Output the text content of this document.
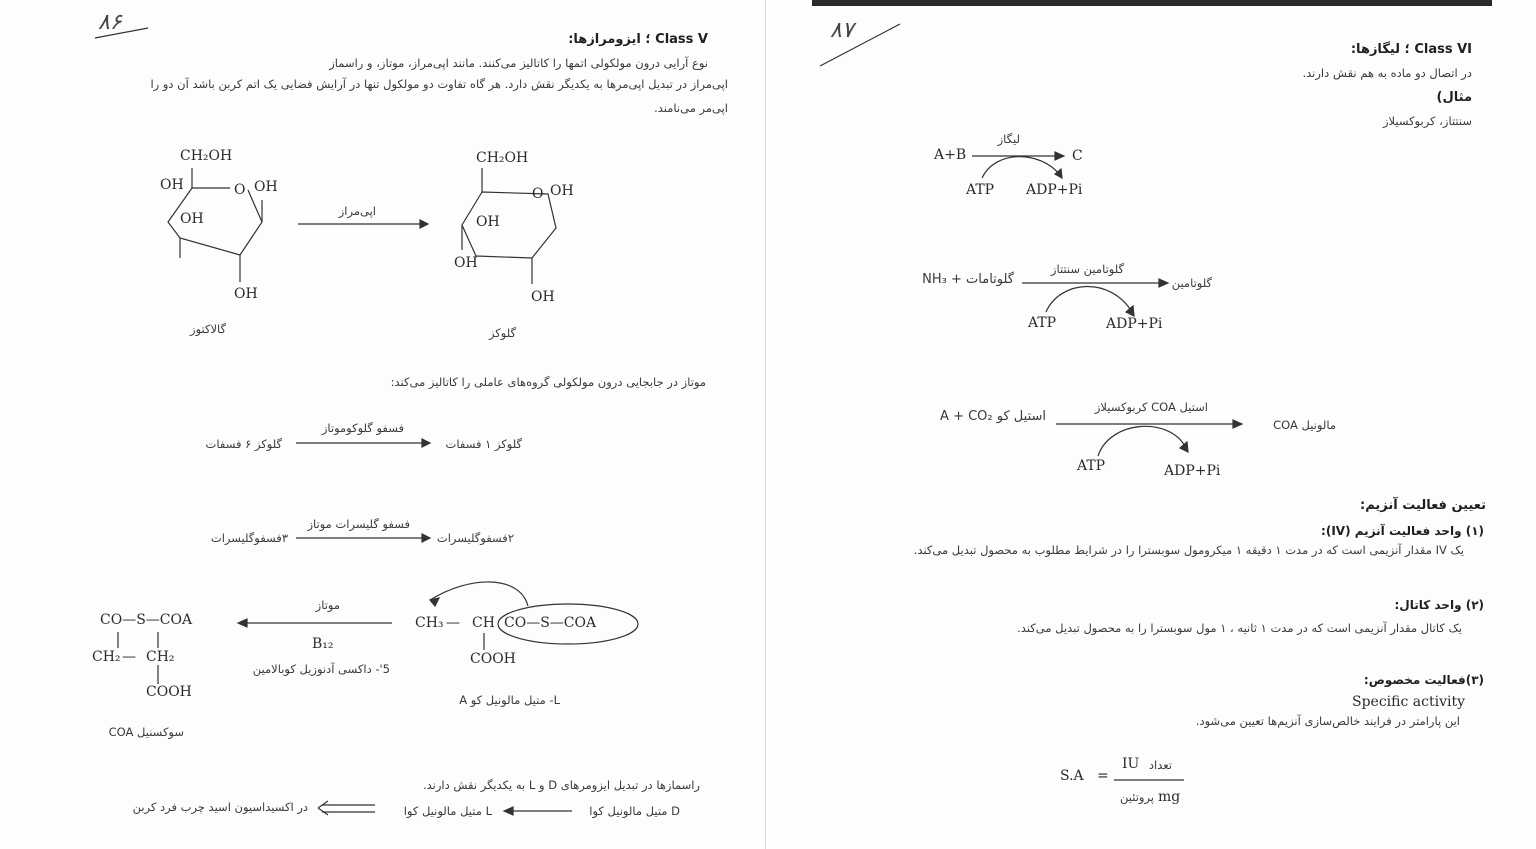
۸۶
Class V ؛ ایزومرازها:
نوع آرایی درون مولکولی اتمها را کاتالیز می‌کنند. مانند اپی‌مراز، موتاز، و راسماز
اپی‌مراز در تبدیل اپی‌مرها به یکدیگر نقش دارد. هر گاه تفاوت دو مولکول تنها در آرایش فضایی یک اتم کربن باشد آن دو را
اپی‌مر می‌نامند.
CH₂OH
OH	O OH
OH
OH
گالاکتوز
اپی‌مراز
CH₂OH
O OH
OH
OH
OH
گلوکز
موتاز در جابجایی درون مولکولی گروه‌های عاملی را کاتالیز می‌کند:
گلوکز ۱ فسفات
فسفو گلوکوموتاز
گلوکز ۶ فسفات
۲فسفوگلیسرات
فسفو گلیسرات موتاز
۳فسفوگلیسرات
CH₃ — CH CO—S—COA
COOH
L- متیل مالونیل کو A
موتاز
B₁₂
5'- داکسی آدنوزیل کوبالامین
CO—S—COA
CH₂ — CH₂
COOH
سوکسنیل COA
راسمازها در تبدیل ایزومرهای D و L به یکدیگر نقش دارند.
D متیل مالونیل کوا
L متیل مالونیل کوا
در اکسیداسیون اسید چرب فرد کربن
۸۷
Class VI ؛ لیگازها:
در اتصال دو ماده به هم نقش دارند.
مثال)
سنتتاز، کربوکسیلاز
A+B
لیگاز
C
ATP ADP+Pi
گلوتامات + NH₃
گلوتامین سنتتاز
گلوتامین
ATP	ADP+Pi
استیل کو A + CO₂
استیل COA کربوکسیلاز
مالونیل COA
ATP	ADP+Pi
تعیین فعالیت آنزیم:
(۱) واحد فعالیت آنزیم (IV):
یک IV مقدار آنزیمی است که در مدت ۱ دقیقه ۱ میکرومول سوبسترا را در شرایط مطلوب به محصول تبدیل می‌کند.
(۲) واحد کاتال:
یک کاتال مقدار آنزیمی است که در مدت ۱ ثانیه ، ۱ مول سوبسترا را به محصول تبدیل می‌کند.
(۳)فعالیت مخصوص:
Specific activity
این پارامتر در فرایند خالص‌سازی آنزیم‌ها تعیین می‌شود.
S.A =
تعداد
IU
پروتئین mg
